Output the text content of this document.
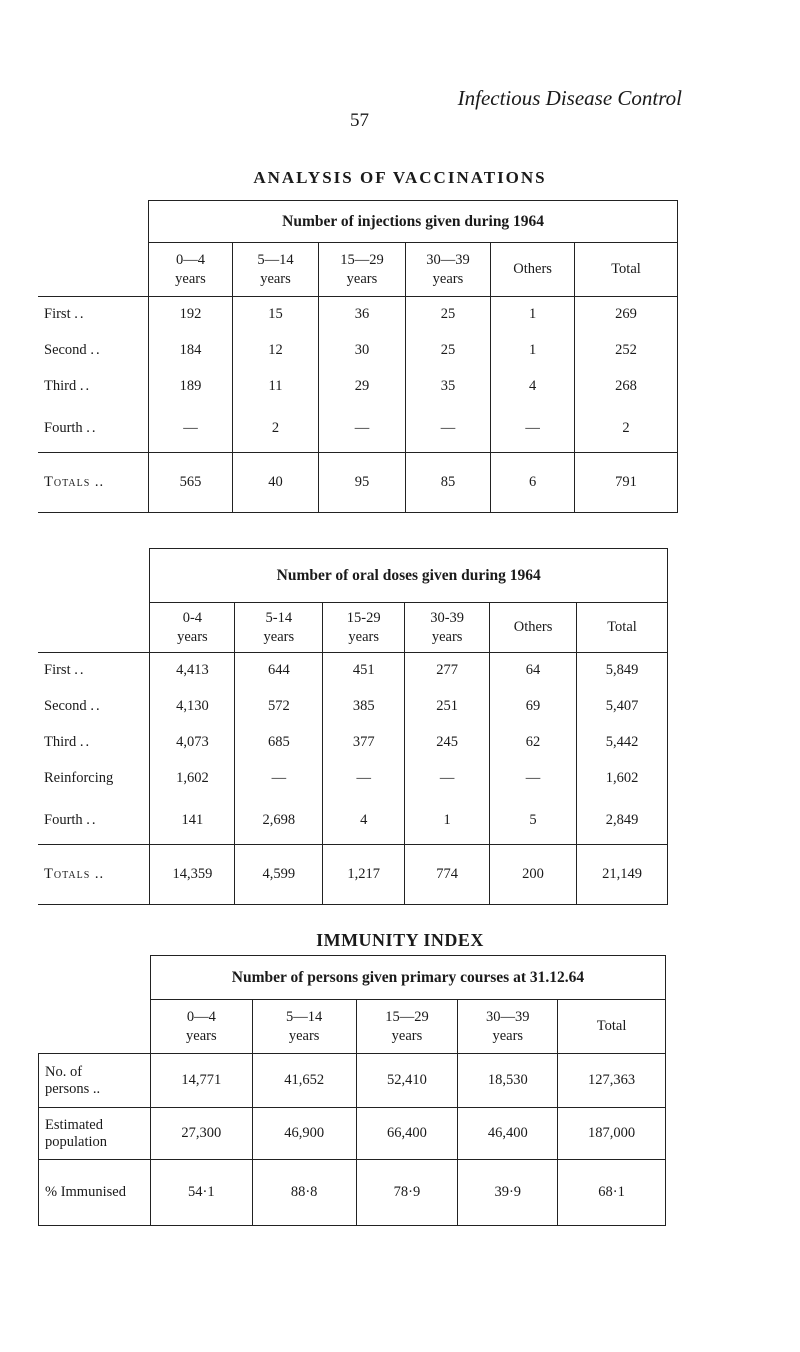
Infectious Disease Control
57
ANALYSIS OF VACCINATIONS
	Number of injections given during 1964					
	0—4
years	5—14
years	15—29
years	30—39
years	Others	Total
First ..	192	15	36	25	1	269
Second ..	184	12	30	25	1	252
Third ..	189	11	29	35	4	268
Fourth ..	—	2	—	—	—	2
Totals ..	565	40	95	85	6	791
	Number of oral doses given during 1964					
	0-4
years	5-14
years	15-29
years	30-39
years	Others	Total
First ..	4,413	644	451	277	64	5,849
Second ..	4,130	572	385	251	69	5,407
Third ..	4,073	685	377	245	62	5,442
Reinforcing	1,602	—	—	—	—	1,602
Fourth ..	141	2,698	4	1	5	2,849
Totals ..	14,359	4,599	1,217	774	200	21,149
IMMUNITY INDEX
	Number of persons given primary courses at 31.12.64				
	0—4
years	5—14
years	15—29
years	30—39
years	Total
No. of
persons ..	14,771	41,652	52,410	18,530	127,363
Estimated
population	27,300	46,900	66,400	46,400	187,000
% Immunised	54·1	88·8	78·9	39·9	68·1
